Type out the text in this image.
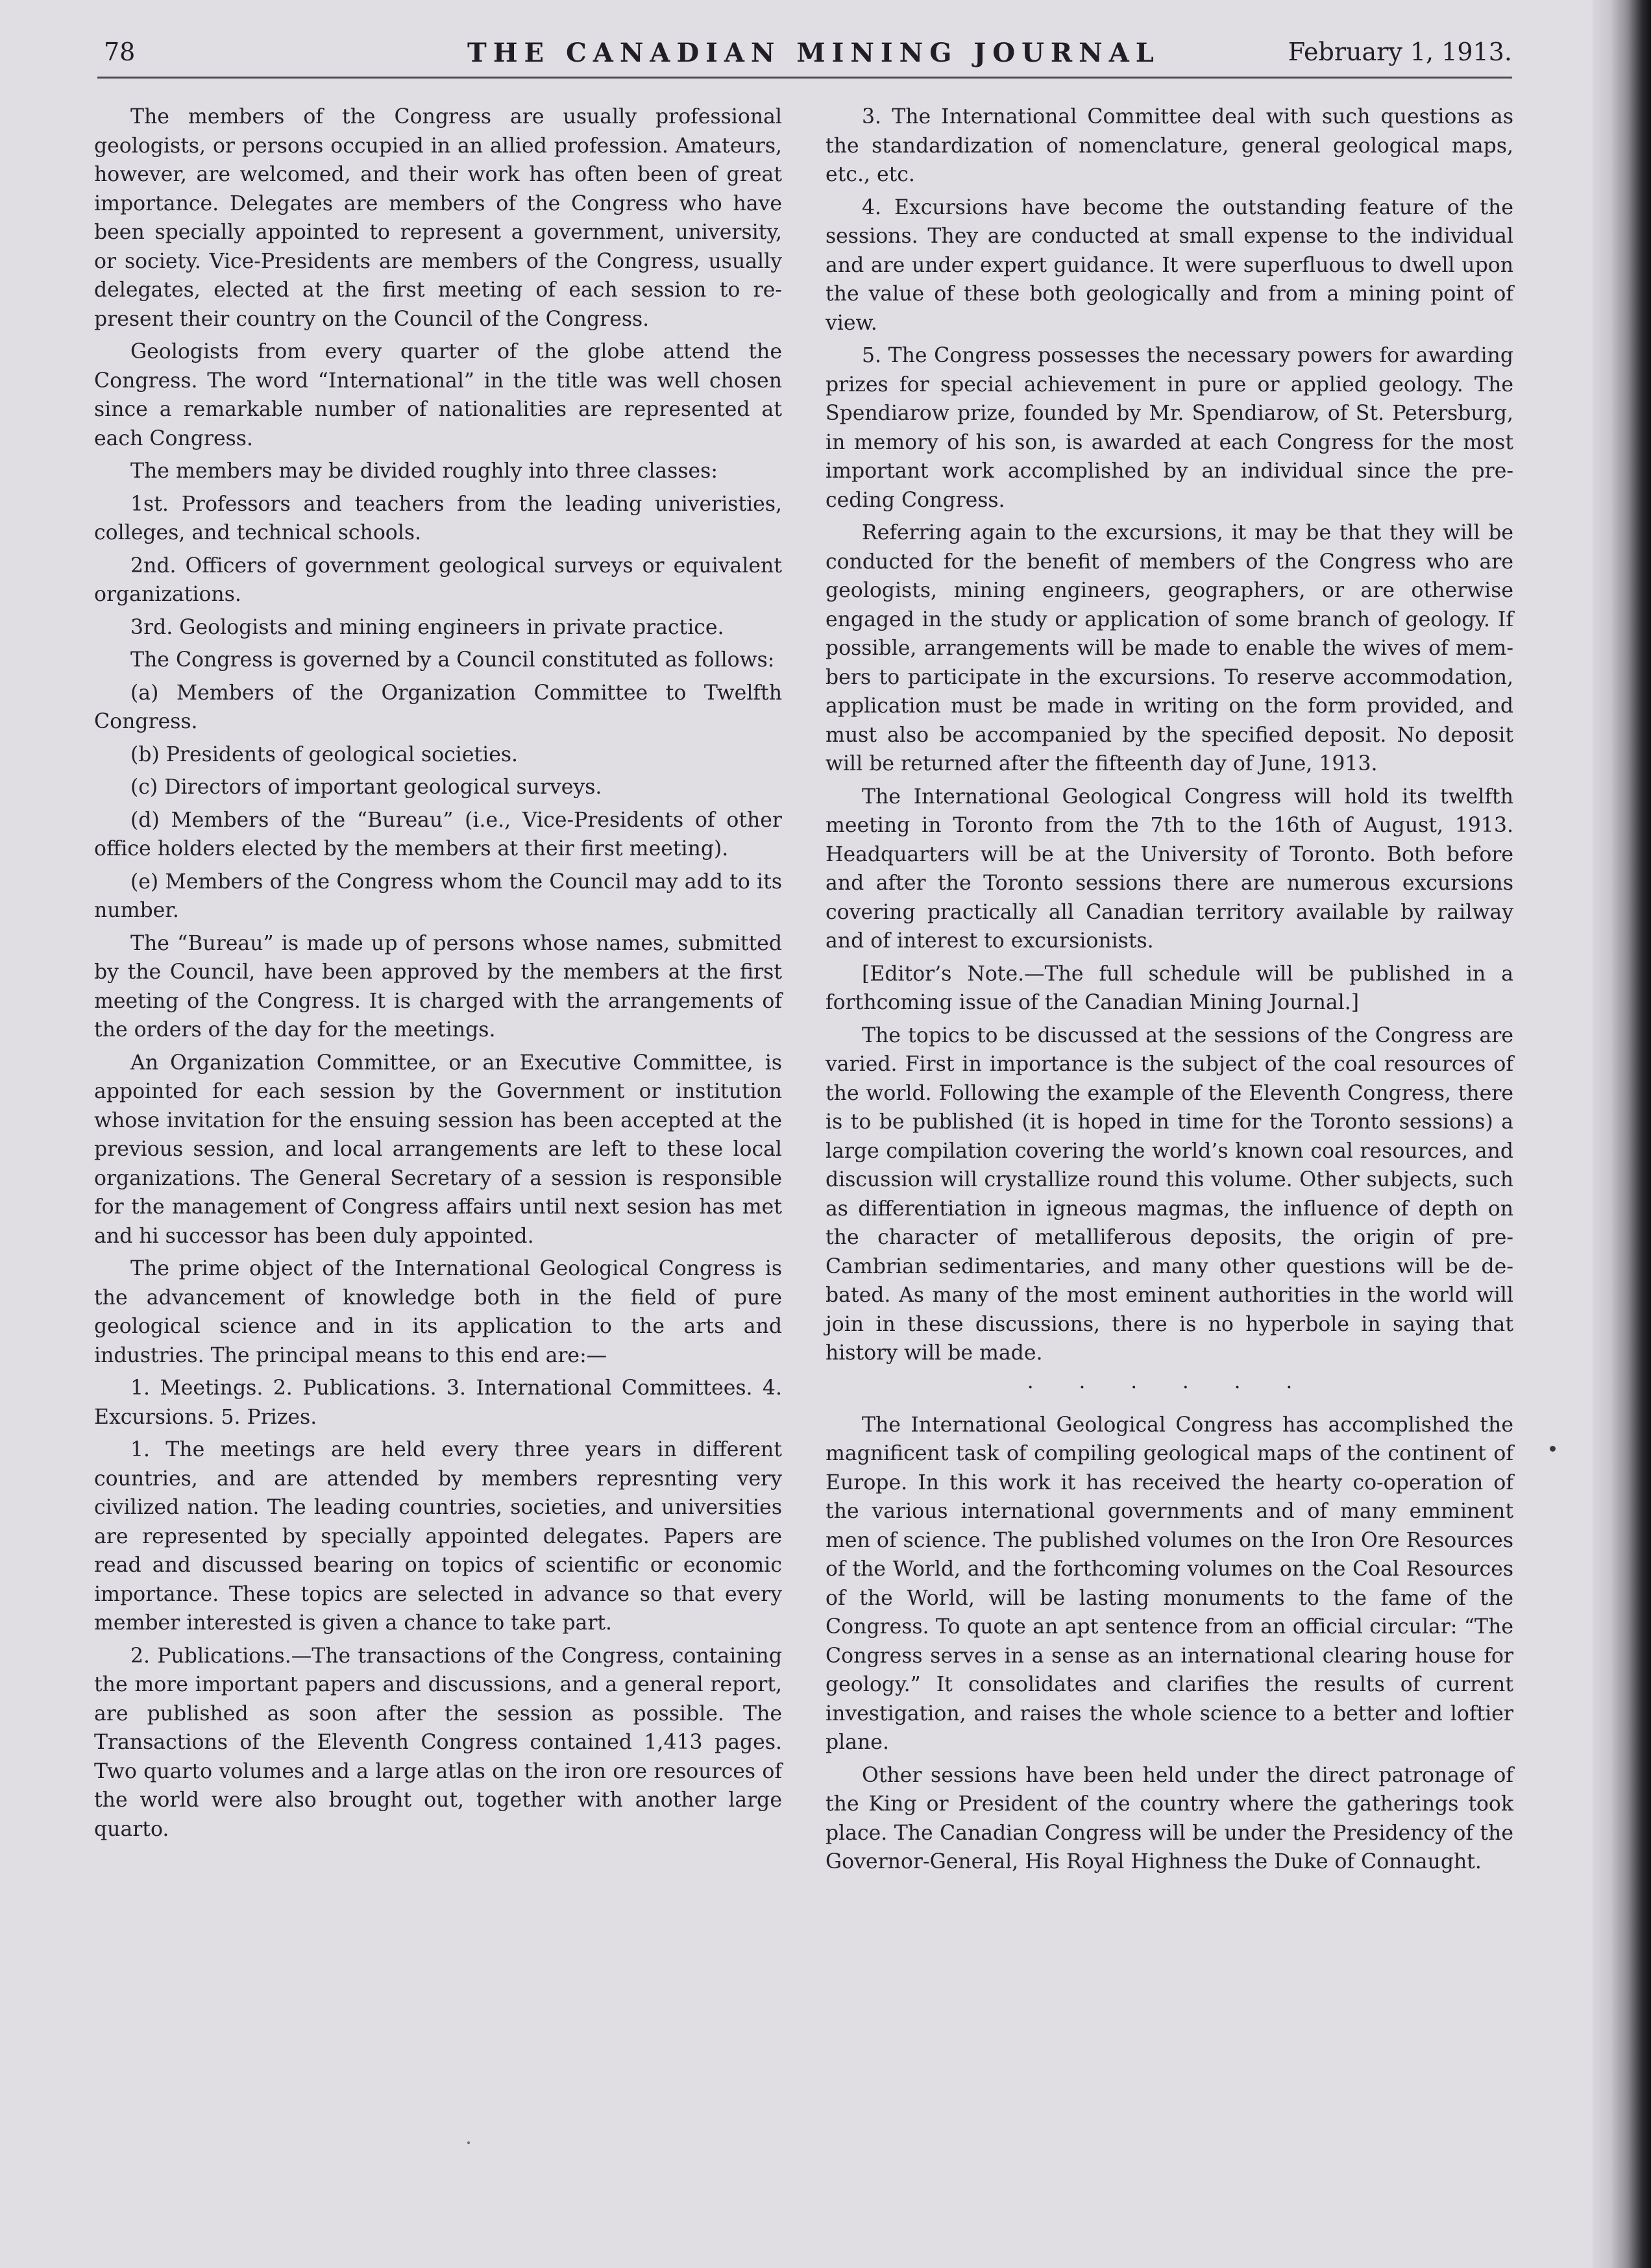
78	THE CANADIAN MINING JOURNAL	February 1, 1913.

The members of the Congress are usually professional geologists, or persons occupied in an allied profession. Amateurs, however, are welcomed, and their work has often been of great importance. Delegates are members of the Congress who have been specially appointed to represent a government, university, or society. Vice-Presidents are members of the Congress, usually delegates, elected at the first meeting of each session to represent their country on the Council of the Congress.

Geologists from every quarter of the globe attend the Congress. The word “International” in the title was well chosen since a remarkable number of nationalities are represented at each Congress.

The members may be divided roughly into three classes:

1st. Professors and teachers from the leading univeristies, colleges, and technical schools.

2nd. Officers of government geological surveys or equivalent organizations.

3rd. Geologists and mining engineers in private practice.

The Congress is governed by a Council constituted as follows:

(a) Members of the Organization Committee to Twelfth Congress.

(b) Presidents of geological societies.

(c) Directors of important geological surveys.

(d) Members of the “Bureau” (i.e., Vice-Presidents of other office holders elected by the members at their first meeting).

(e) Members of the Congress whom the Council may add to its number.

The “Bureau” is made up of persons whose names, submitted by the Council, have been approved by the members at the first meeting of the Congress. It is charged with the arrangements of the orders of the day for the meetings.

An Organization Committee, or an Executive Committee, is appointed for each session by the Government or institution whose invitation for the ensuing session has been accepted at the previous session, and local arrangements are left to these local organizations. The General Secretary of a session is responsible for the management of Congress affairs until next sesion has met and hi successor has been duly appointed.

The prime object of the International Geological Congress is the advancement of knowledge both in the field of pure geological science and in its application to the arts and industries. The principal means to this end are:—

1. Meetings. 2. Publications. 3. International Committees. 4. Excursions. 5. Prizes.

1. The meetings are held every three years in different countries, and are attended by members represnting very civilized nation. The leading countries, societies, and universities are represented by specially appointed delegates. Papers are read and discussed bearing on topics of scientific or economic importance. These topics are selected in advance so that every member interested is given a chance to take part.

2. Publications.—The transactions of the Congress, containing the more important papers and discussions, and a general report, are published as soon after the session as possible. The Transactions of the Eleventh Congress contained 1,413 pages. Two quarto volumes and a large atlas on the iron ore resources of the world were also brought out, together with another large quarto.

3. The International Committee deal with such questions as the standardization of nomenclature, general geological maps, etc., etc.

4. Excursions have become the outstanding feature of the sessions. They are conducted at small expense to the individual and are under expert guidance. It were superfluous to dwell upon the value of these both geologically and from a mining point of view.

5. The Congress possesses the necessary powers for awarding prizes for special achievement in pure or applied geology. The Spendiarow prize, founded by Mr. Spendiarow, of St. Petersburg, in memory of his son, is awarded at each Congress for the most important work accomplished by an individual since the preceding Congress.

Referring again to the excursions, it may be that they will be conducted for the benefit of members of the Congress who are geologists, mining engineers, geographers, or are otherwise engaged in the study or application of some branch of geology. If possible, arrangements will be made to enable the wives of members to participate in the excursions. To reserve accommodation, application must be made in writing on the form provided, and must also be accompanied by the specified deposit. No deposit will be returned after the fifteenth day of June, 1913.

The International Geological Congress will hold its twelfth meeting in Toronto from the 7th to the 16th of August, 1913. Headquarters will be at the University of Toronto. Both before and after the Toronto sessions there are numerous excursions covering practically all Canadian territory available by railway and of interest to excursionists.

[Editor’s Note.—The full schedule will be published in a forthcoming issue of the Canadian Mining Journal.]

The topics to be discussed at the sessions of the Congress are varied. First in importance is the subject of the coal resources of the world. Following the example of the Eleventh Congress, there is to be published (it is hoped in time for the Toronto sessions) a large compilation covering the world’s known coal resources, and discussion will crystallize round this volume. Other subjects, such as differentiation in igneous magmas, the influence of depth on the character of metalliferous deposits, the origin of pre-Cambrian sedimentaries, and many other questions will be debated. As many of the most eminent authorities in the world will join in these discussions, there is no hyperbole in saying that history will be made.

. . . . . .

The International Geological Congress has accomplished the magnificent task of compiling geological maps of the continent of Europe. In this work it has received the hearty co-operation of the various international governments and of many emminent men of science. The published volumes on the Iron Ore Resources of the World, and the forthcoming volumes on the Coal Resources of the World, will be lasting monuments to the fame of the Congress. To quote an apt sentence from an official circular: “The Congress serves in a sense as an international clearing house for geology.” It consolidates and clarifies the results of current investigation, and raises the whole science to a better and loftier plane.

Other sessions have been held under the direct patronage of the King or President of the country where the gatherings took place. The Canadian Congress will be under the Presidency of the Governor-General, His Royal Highness the Duke of Connaught.
